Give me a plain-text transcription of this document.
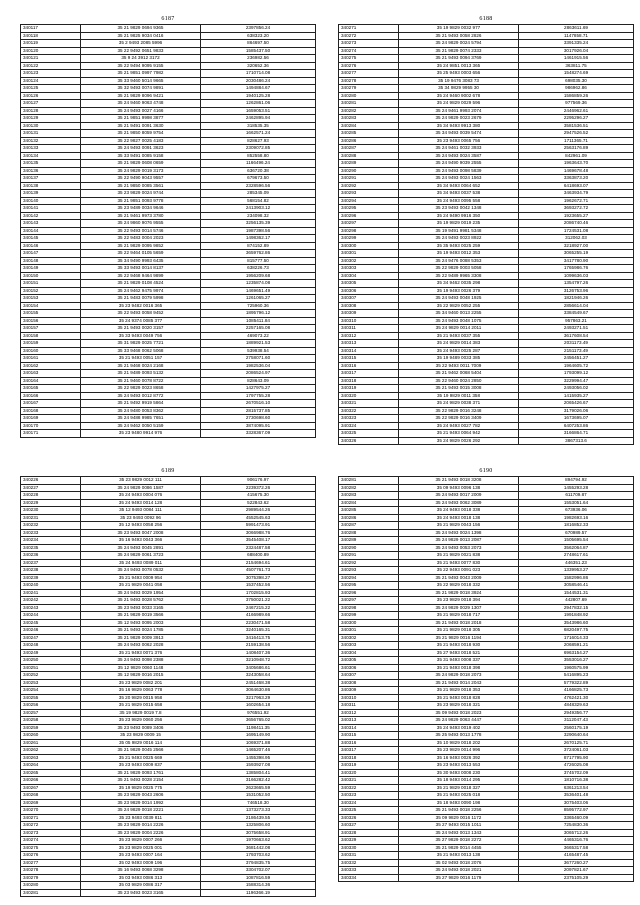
6187
340117	35 21 9829 0694 9365	2397856.24
340118	35 21 9825 9034 0416	638323.20
340119	35 2 9493 2085 5996	864697.50
340120	35 22 9492 0651 9833	1585437.50
340121	35 9 24 3912 3172	236982.56
340122	35 22 9494 9095 9155	320652.36
340123	35 21 9851 0997 7982	1710714.08
340124	35 33 9460 5014 9665	2030486.24
340125	35 32 9493 0074 9891	1494884.67
340126	35 21 9829 8096 9421	1940125.28
340127	35 24 9460 9063 4748	1262861.06
340128	35 24 9493 0027 4166	1659053.51
340129	35 21 9851 9998 3877	2462895.94
340130	35 21 9491 0091 3630	318535.35
340131	35 21 9850 8059 9754	1662571.24
340132	35 22 9827 0025 4183	828627.93
340133	35 24 9493 0091 3623	2309072.85
340134	35 33 9491 0085 9158	852558.80
340135	35 21 9829 0608 0659	1166496.24
340136	35 24 9829 0019 3173	636720.38
340137	35 22 9490 9043 9557	679673.50
340138	35 21 9850 0085 3561	2328596.56
340139	35 23 9829 0024 9744	285345.09
340140	35 21 9851 0093 9778	568154.82
340141	35 23 9489 0034 9646	2413903.12
340142	35 21 9461 9973 3780	234098.32
340143	35 24 9860 9076 9555	3256135.39
340144	35 22 9493 0014 5746	1987398.56
340145	35 22 9483 0004 2023	1498362.17
340146	35 21 9829 0095 9852	874152.89
340147	35 22 9464 0105 5659	3659762.86
340148	35 34 9490 9993 6435	815777.50
340149	35 33 9493 0014 8137	638226.73
340150	35 22 9468 9464 9899	1956209.68
340151	35 21 9829 0108 4524	1235874.08
340152	35 24 9462 9475 9974	1469651.49
340153	35 21 9483 0079 5998	1261065.27
340154	35 23 9482 0016 365	725960.36
340155	35 22 9493 0058 9452	1895796.12
340156	35 24 9374 0085 377	1085411.84
340157	35 21 9493 0020 3157	2257165.08
340158	35 33 9493 0049 756	469073.22
340159	35 31 9829 0025 7721	1889921.53
340160	35 33 9468 0062 5068	539938.54
340161	35 21 9493 0051 157	2758071.60
340162	35 21 9468 0024 2168	1982536.04
340163	35 21 9489 0093 5132	2086524.97
340164	35 21 9460 0078 8722	828643.09
340165	35 22 9829 0023 8658	1427975.27
340166	35 24 9493 0012 8772	1797755.28
340167	35 21 9492 9919 5864	2670516.10
340168	35 24 9480 0053 8362	2815737.85
340169	35 24 9488 9985 7651	2730698.60
340170	35 24 9462 0050 5159	3874095.91
340171	35 23 9480 9914 976	3328367.09
6188
340271	35 19 9829 0032 977	2863611.69
340272	35 21 9493 0058 2826	1147858.71
340273	35 24 9829 0024 5794	3391335.24
340274	35 21 9829 0074 2333	3017926.04
340275	35 21 9493 0094 3769	1461915.56
340276	35 24 9851 0013 365	363811.75
340277	35 25 9493 0003 656	1548274.69
340278	35 19 9476 3083 73	698035.30
340279	35 34 9829 9955 30	986962.86
340280	35 24 9460 9002 678	1586859.26
340281	35 24 9829 0029 596	977569.36
340282	35 24 9461 9993 2074	2446962.61
340283	35 24 9829 0023 2679	2295296.27
340284	35 34 9493 9913 380	3581536.51
340285	35 34 9493 0039 5474	2947526.52
340286	35 23 9493 0065 756	1711365.71
340287	35 24 9461 0032 3933	2563176.89
340288	35 24 9493 0024 3587	842961.09
340289	35 24 9490 9039 2555	1963643.70
340290	35 24 9493 0098 5839	1469678.48
340291	35 24 9493 0024 1563	3363873.20
340292	35 34 9493 0064 652	6418693.07
340293	35 34 9493 0037 538	3463934.79
340294	35 24 9493 0095 558	1962672.71
340295	35 23 9493 0042 1348	3693272.72
340296	35 24 9490 9916 350	1923655.27
340297	35 19 9829 0019 235	2086740.46
340298	35 19 9491 9981 5348	1724531.08
340299	35 24 9493 0023 8922	312062.03
340300	35 35 9493 0025 259	3218927.00
340301	35 19 9493 0012 353	3065255.19
340302	35 24 9476 0088 5353	3417780.90
340303	35 22 9829 0003 5058	1765986.76
340304	35 22 9489 9965 3308	1099636.03
340305	35 34 9462 0035 298	1354797.26
340306	35 19 9493 0026 379	3126753.96
340307	35 24 9493 0048 1925	1821946.26
340308	35 22 9829 0052 255	2856614.04
340309	35 34 9460 0013 2255	3384549.67
340310	35 24 9493 0048 1075	957863.21
340311	35 24 9829 0014 2011	2493271.51
340312	35 21 9493 0037 355	3617608.54
340313	35 24 9829 0014 383	2031173.49
340314	35 24 9493 0025 287	2151173.49
340315	35 19 9489 0033 385	2456451.27
340316	35 22 9493 0011 7009	1964605.72
340317	35 21 9462 0068 5404	1793099.12
340318	35 22 9460 0024 2850	3229994.47
340319	35 21 9493 0015 3008	2493056.02
340320	35 19 9829 0011 358	1415935.27
340321	35 24 9829 0038 371	2065426.67
340322	35 22 9829 0016 3248	3179026.06
340323	35 22 9829 0016 3409	1673695.07
340324	35 24 9493 0027 782	6407253.86
340325	35 21 9493 0064 942	3166864.71
340326	35 24 9829 0026 292	3867313.6
6189
340226	35 23 9829 0012 111	906176.97
340227	35 24 9829 0086 1587	2239372.26
340228	35 24 9493 0004 076	415675.30
340229	35 24 9493 0014 128	522843.62
340230	35 12 9493 0084 111	2989544.26
340231	35 23 9493 0092 96	4552545.63
340232	35 12 9493 0058 256	5991473.91
340233	35 23 9493 0047 2008	3066988.76
340234	35 16 9493 0043 366	3545408.17
340235	35 24 9493 0045 2891	2324487.58
340236	35 24 9829 0061 3723	688400.89
340237	35 24 9493 0089 011	2154694.61
340238	35 24 9493 0078 0532	4507761.73
340239	35 21 9493 0009 954	3075398.27
340240	35 21 9829 0041 058	1537452.56
340241	35 24 9493 0029 1954	1702815.93
340242	35 21 9493 0028 5762	3750021.22
340243	35 23 9493 0033 3165	2467215.22
340244	35 21 9829 0019 3566	4166989.66
340245	35 12 9493 0095 2003	2230471.58
340246	35 21 9493 0024 1785	3240165.31
340247	35 21 9829 0009 3913	3416413.75
340248	35 24 9493 0062 2028	2159138.56
340249	35 21 9493 0071 376	1408407.36
340250	35 24 9493 0098 2388	3210948.72
340251	35 12 9829 0060 1148	3405686.61
340252	35 12 9829 0016 2015	3243058.64
340253	35 23 9829 0082 201	2451468.38
340254	35 16 9829 0063 778	3064630.86
340255	35 20 9829 0015 958	3217963.29
340256	35 21 9829 0015 658	1602654.18
340257	35 19 9829 0019 7.8	976551.92
340258	35 23 9829 0060 256	3656765.02
340259	35 23 9493 0089 3406	1198411.35
340260	35 23 9829 0009 15	1695149.90
340261	35 05 9829 0016 114	1069371.88
340262	35 21 9829 0045 2566	1465207.46
340263	35 21 9493 0025 669	1455398.95
340264	35 23 9493 0009 837	1593927.08
340265	35 21 9829 0093 1761	1385804.41
340266	35 21 9493 0028 2154	3166282.42
340267	35 19 9829 0025 775	2623665.59
340268	35 23 9829 0043 2606	1531052.50
340269	35 23 9829 0014 1992	746518.30
340270	35 24 9829 0018 2221	1373273.33
340271	35 23 9493 0039 811	2186439.55
340272	35 23 9829 0014 2226	1325806.60
340273	35 23 9829 0004 2226	3075658.91
340274	35 23 9829 0007 266	1970663.62
340275	35 23 9829 0025 001	3681442.08
340276	35 23 9493 0007 164	1793703.62
340277	35 02 9493 0009 196	3794835.75
340278	35 16 9493 0068 3298	3304702.07
340279	35 03 9493 0086 313	1087816.59
340280	35 03 9829 0086 317	1588314.36
340281	35 23 9493 0023 3165	1196366.19
6190
340281	35 21 9493 0018 3208	894794.92
340282	35 09 9493 0096 138	1455293.28
340283	35 24 9493 0017 2009	611709.87
340284	35 24 9493 0062 3089	1553051.64
340285	35 24 9493 0018 338	673936.06
340286	35 24 9493 0018 138	1982693.16
340287	35 21 9829 0043 156	1816852.33
340288	35 24 9493 0024 1398	670989.57
340289	35 24 9829 0013 2087	1505695.54
340290	35 24 9493 0053 2073	3562064.87
340291	35 21 9829 0021 838	2748617.61
340292	35 21 9493 0077 830	446351.23
340293	35 22 9493 0091 023	1339953.27
340294	35 21 9493 0043 2009	1582996.86
340295	35 22 9829 0018 332	3058546.41
340296	35 21 9829 0018 3924	1544531.31
340297	35 23 9829 0018 394	442807.69
340298	35 24 9829 0029 1307	2947832.15
340299	35 21 9829 0018 717	1991848.92
340300	35 21 9493 0018 2018	3543986.60
340301	35 21 9829 0018 305	6820497.75
340302	35 21 9829 0016 1194	1716014.33
340303	35 21 9493 0018 930	2068591.21
340304	35 27 9493 0018 521	6963154.27
340305	35 31 9493 0008 337	3553016.27
340306	35 21 9493 0018 398	1960575.99
340307	35 24 9829 0018 2073	5416895.23
340308	35 21 9493 0014 2043	5779322.89
340309	35 21 9829 0018 353	4166825.73
340310	35 21 9493 0018 828	4762421.30
340311	35 23 9829 0018 321	4848329.63
340312	35 09 9493 0018 2023	2949356.77
340313	35 24 9829 0063 4447	3112047.43
340314	35 24 9493 0019 402	2560175.19
340315	35 25 9493 0013 1778	3290640.64
340316	35 10 9829 0018 202	2670125.71
340317	35 23 9829 0014 996	3724061.03
340318	35 16 9493 0026 392	8717795.90
340319	35 23 9493 0013 553	4726025.08
340320	35 30 9493 0008 230	3745702.09
340321	35 18 9493 0014 295	1810716.38
340322	35 21 9829 0018 327	6361213.54
340323	35 21 9493 0025 018	3536401.48
340324	35 18 9493 0090 198	3075403.06
340325	35 21 9493 0018 2256	8595772.97
340326	35 09 9829 0016 1172	3365460.09
340327	35 27 9493 0015 1011	7254830.36
340328	35 24 9493 0013 1343	3065712.26
340329	35 27 9829 0018 2272	4465316.76
340330	35 21 9829 0014 4455	3665317.58
340331	35 21 9493 0013 138	4165487.45
340332	35 02 9493 0018 2076	3677260.27
340333	35 24 9493 0018 2021	2097821.67
340334	35 27 9829 0016 1179	2375105.29
